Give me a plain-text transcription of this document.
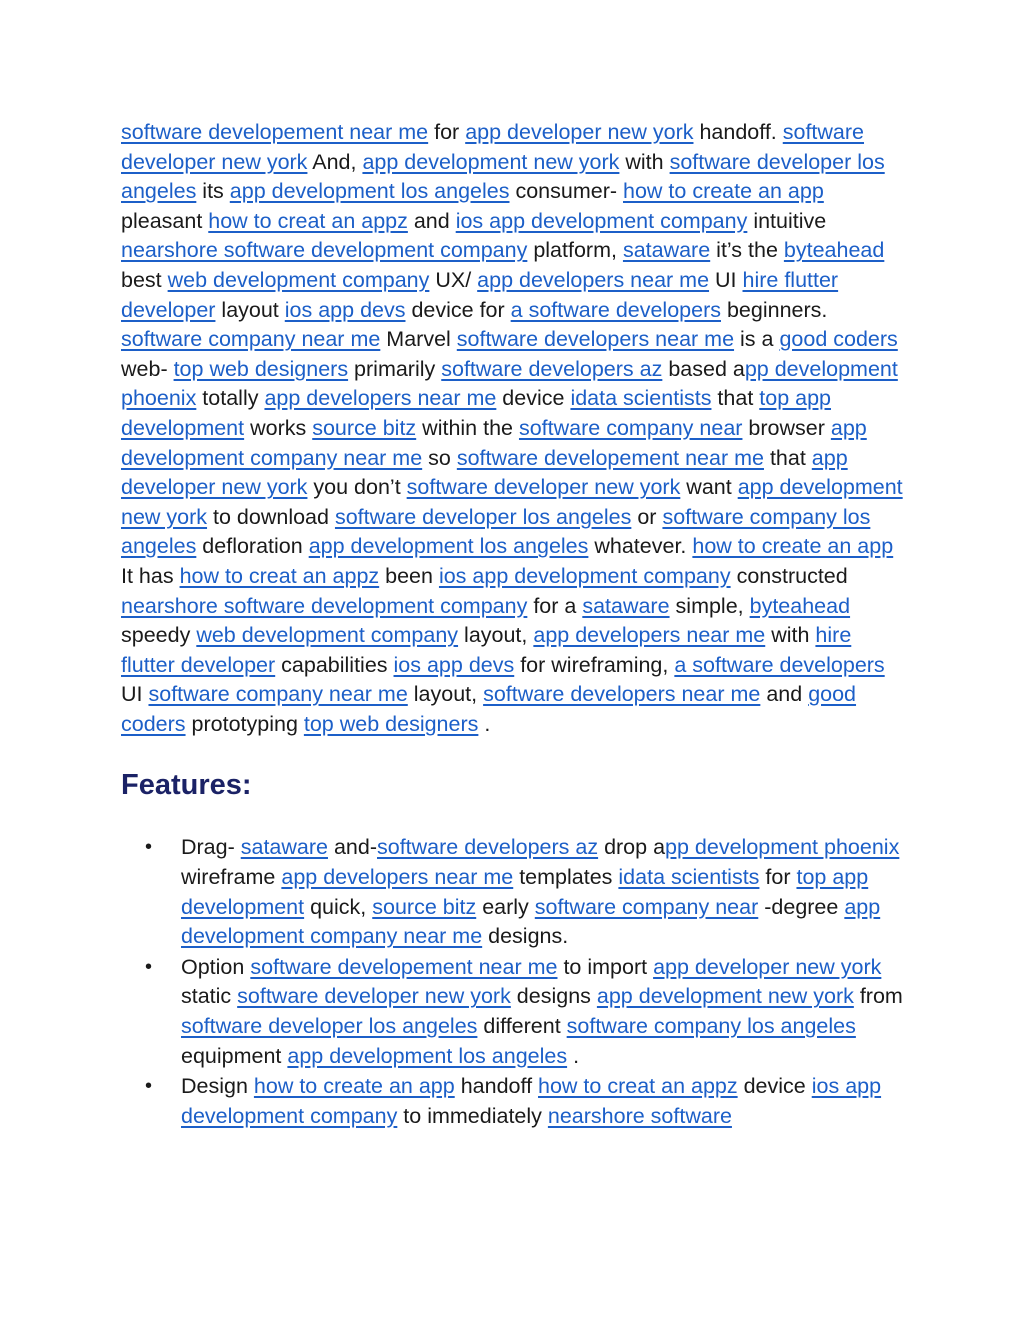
software developement near me for app developer new york handoff. software developer new york And, app development new york with software developer los angeles its app development los angeles consumer- how to create an app pleasant how to creat an appz and ios app development company intuitive nearshore software development company platform, sataware it’s the byteahead best web development company UX/ app developers near me UI hire flutter developer layout ios app devs device for a software developers beginners. software company near me Marvel software developers near me is a good coders web- top web designers primarily software developers az based app development phoenix totally app developers near me device idata scientists that top app development works source bitz within the software company near browser app development company near me so software developement near me that app developer new york you don’t software developer new york want app development new york to download software developer los angeles or software company los angeles defloration app development los angeles whatever. how to create an app It has how to creat an appz been ios app development company constructed nearshore software development company for a sataware simple, byteahead speedy web development company layout, app developers near me with hire flutter developer capabilities ios app devs for wireframing, a software developers UI software company near me layout, software developers near me and good coders prototyping top web designers .

Features:
• Drag- sataware and-software developers az drop app development phoenix wireframe app developers near me templates idata scientists for top app development quick, source bitz early software company near -degree app development company near me designs.
• Option software developement near me to import app developer new york static software developer new york designs app development new york from software developer los angeles different software company los angeles equipment app development los angeles .
• Design how to create an app handoff how to creat an appz device ios app development company to immediately nearshore software
